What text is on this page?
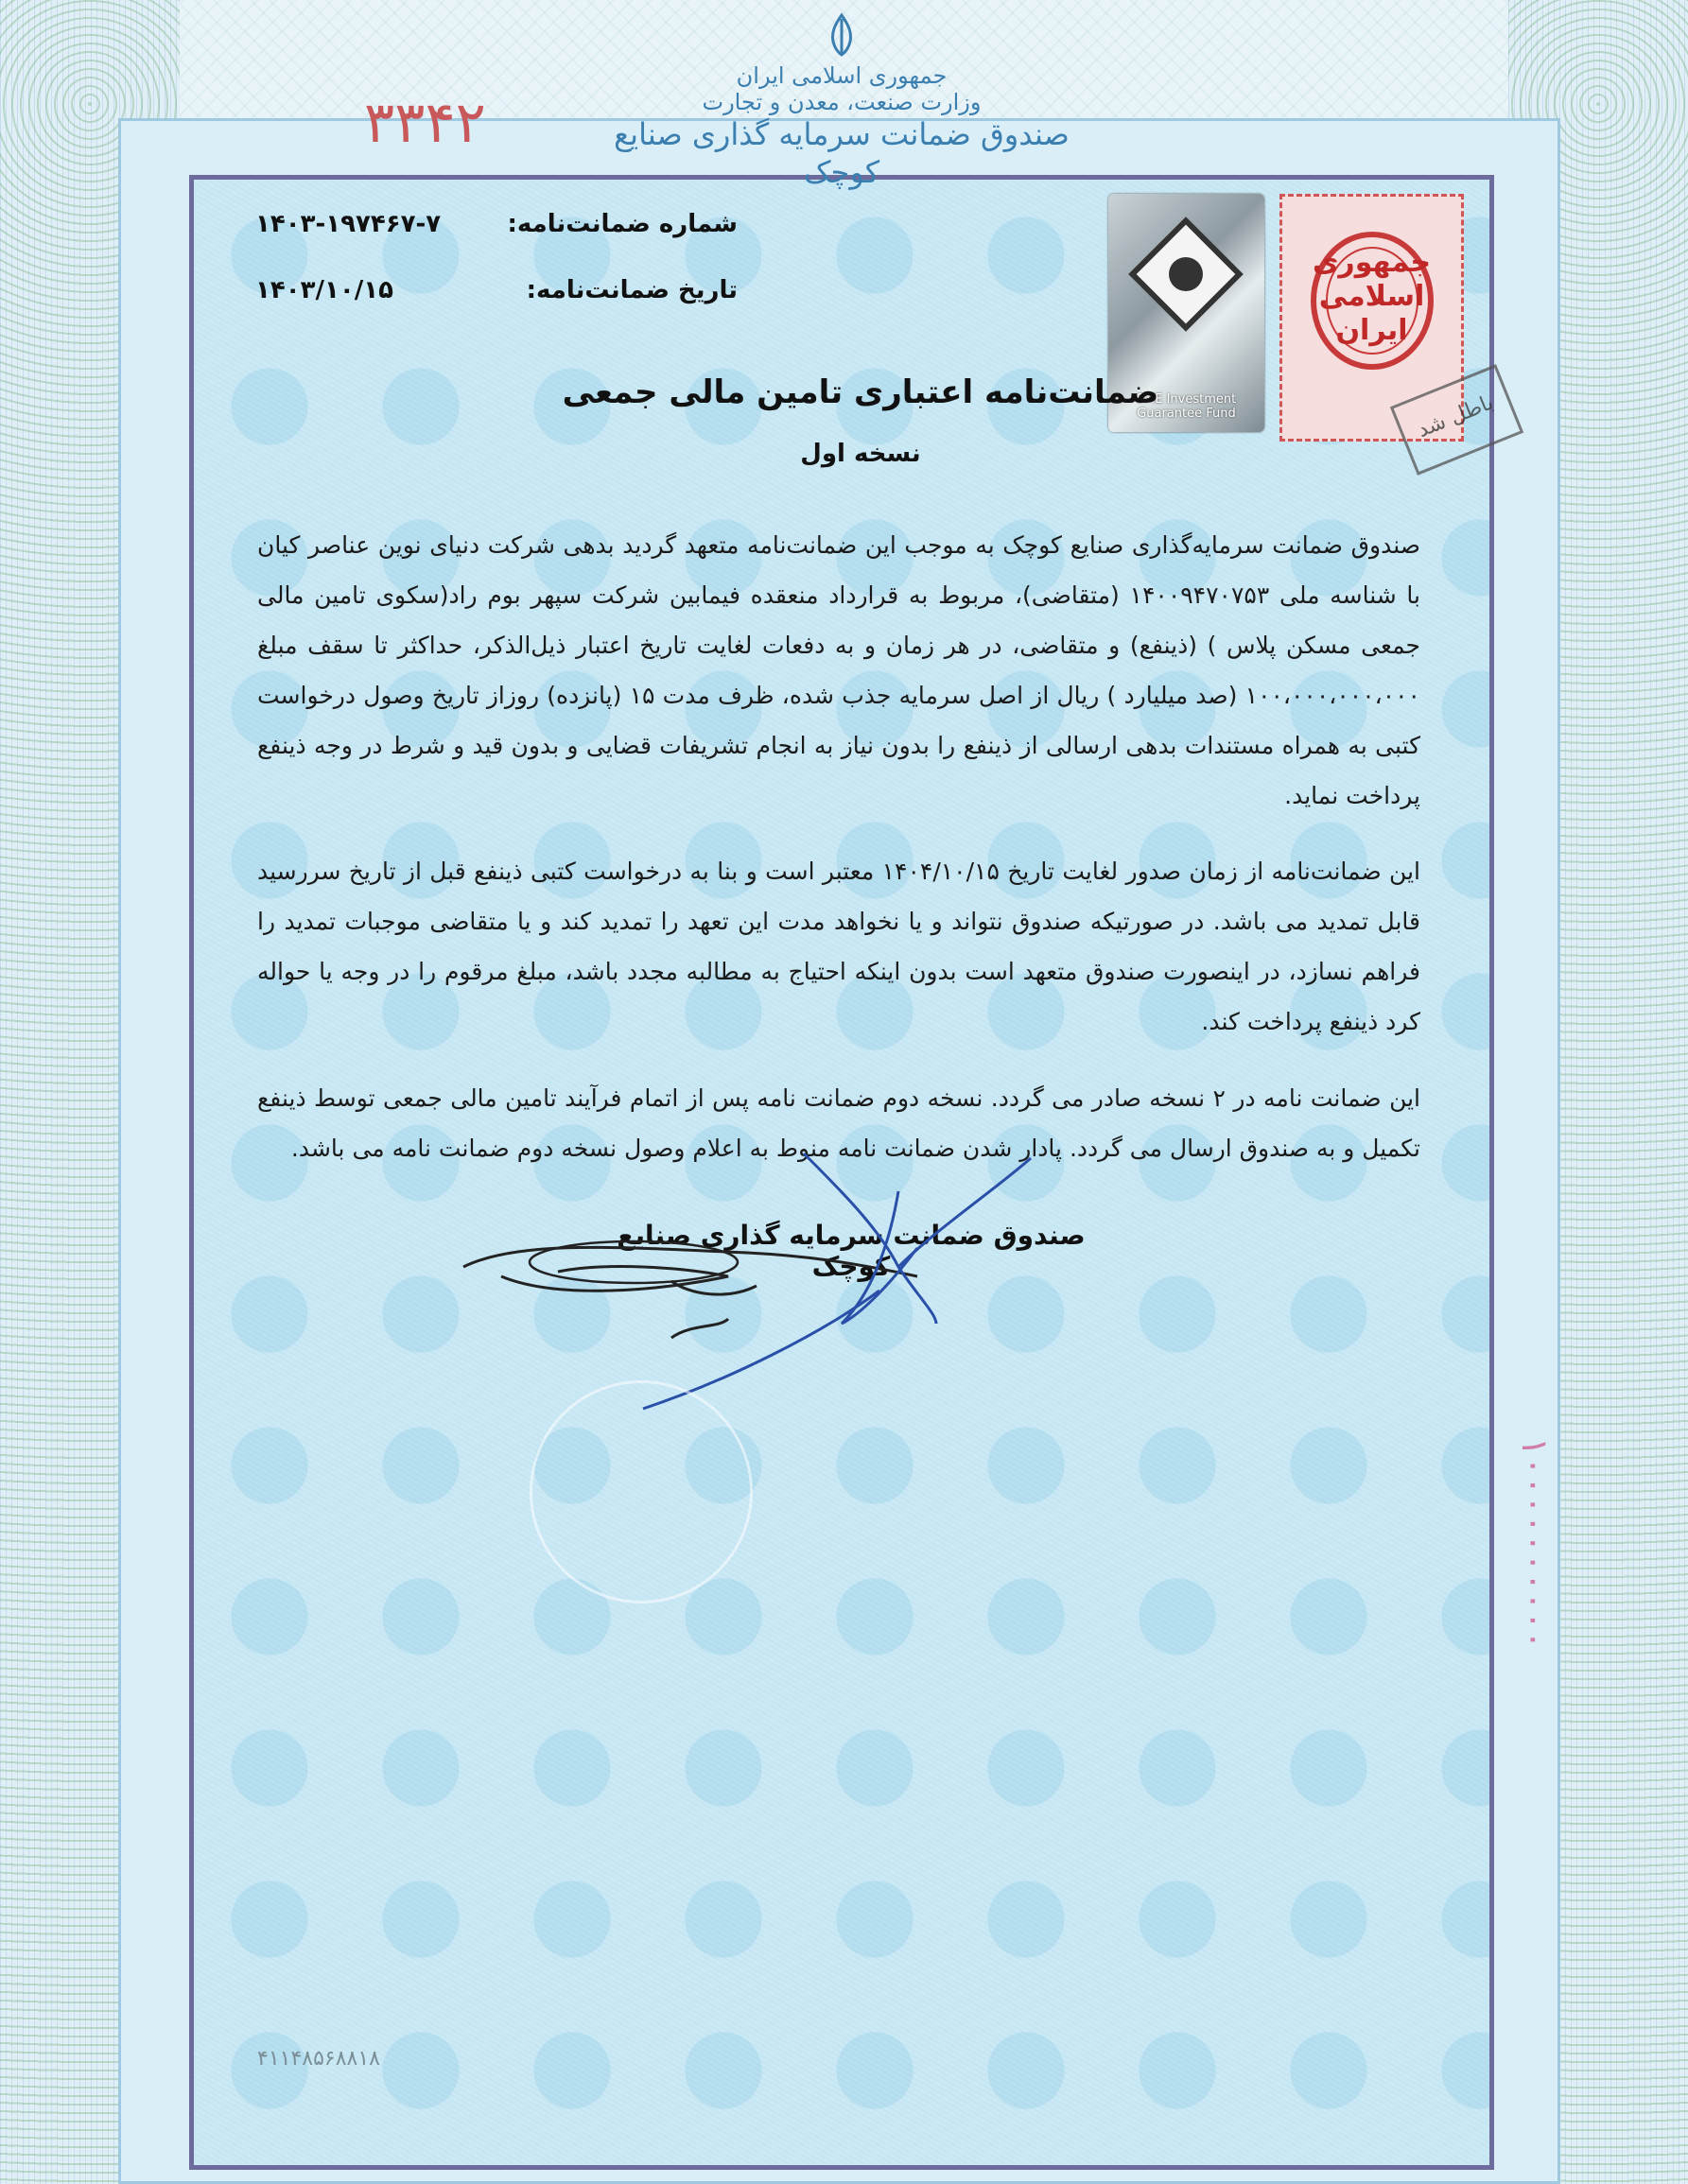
جمهوری اسلامی ایران
وزارت صنعت، معدن و تجارت
صندوق ضمانت سرمایه گذاری صنایع کوچک
۳۳۴۲
شماره ضمانت‌نامه:
۱۴۰۳-۱۹۷۴۶۷-۷
تاریخ ضمانت‌نامه:
۱۴۰۳/۱۰/۱۵
SME Investment Guarantee Fund
جمهوری اسلامی ایران
باطل شد
ضمانت‌نامه اعتباری تامین مالی جمعی
نسخه اول
صندوق ضمانت سرمایه‌گذاری صنایع کوچک به موجب این ضمانت‌نامه متعهد گردید بدهی شرکت دنیای نوین عناصر کیان با شناسه ملی ۱۴۰۰۹۴۷۰۷۵۳ (متقاضی)، مربوط به قرارداد منعقده فیمابین شرکت سپهر بوم راد(سکوی تامین مالی جمعی مسکن پلاس ) (ذینفع) و متقاضی، در هر زمان و به دفعات لغایت تاریخ اعتبار ذیل‌الذکر، حداکثر تا سقف مبلغ ۱۰۰،۰۰۰،۰۰۰،۰۰۰ (صد میلیارد ) ریال از اصل سرمایه جذب شده، ظرف مدت ۱۵ (پانزده) روزاز تاریخ وصول درخواست کتبی به همراه مستندات بدهی ارسالی از ذینفع را بدون نیاز به انجام تشریفات قضایی و بدون قید و شرط در وجه ذینفع پرداخت نماید.
این ضمانت‌نامه از زمان صدور لغایت تاریخ ۱۴۰۴/۱۰/۱۵ معتبر است و بنا به درخواست کتبی ذینفع قبل از تاریخ سررسید قابل تمدید می باشد. در صورتیکه صندوق نتواند و یا نخواهد مدت این تعهد را تمدید کند و یا متقاضی موجبات تمدید را فراهم نسازد، در اینصورت صندوق متعهد است بدون اینکه احتیاج به مطالبه مجدد باشد، مبلغ مرقوم را در وجه یا حواله کرد ذینفع پرداخت کند.
این ضمانت نامه در ۲ نسخه صادر می گردد. نسخه دوم ضمانت نامه پس از اتمام فرآیند تامین مالی جمعی توسط ذینفع تکمیل و به صندوق ارسال می گردد. پادار شدن ضمانت نامه منوط به اعلام وصول نسخه دوم ضمانت نامه می باشد.
صندوق ضمانت سرمایه گذاری صنایع کوچک
۴۱۱۴۸۵۶۸۸۱۸
۱۰۰۰۰۰۰۰۰۰۰
